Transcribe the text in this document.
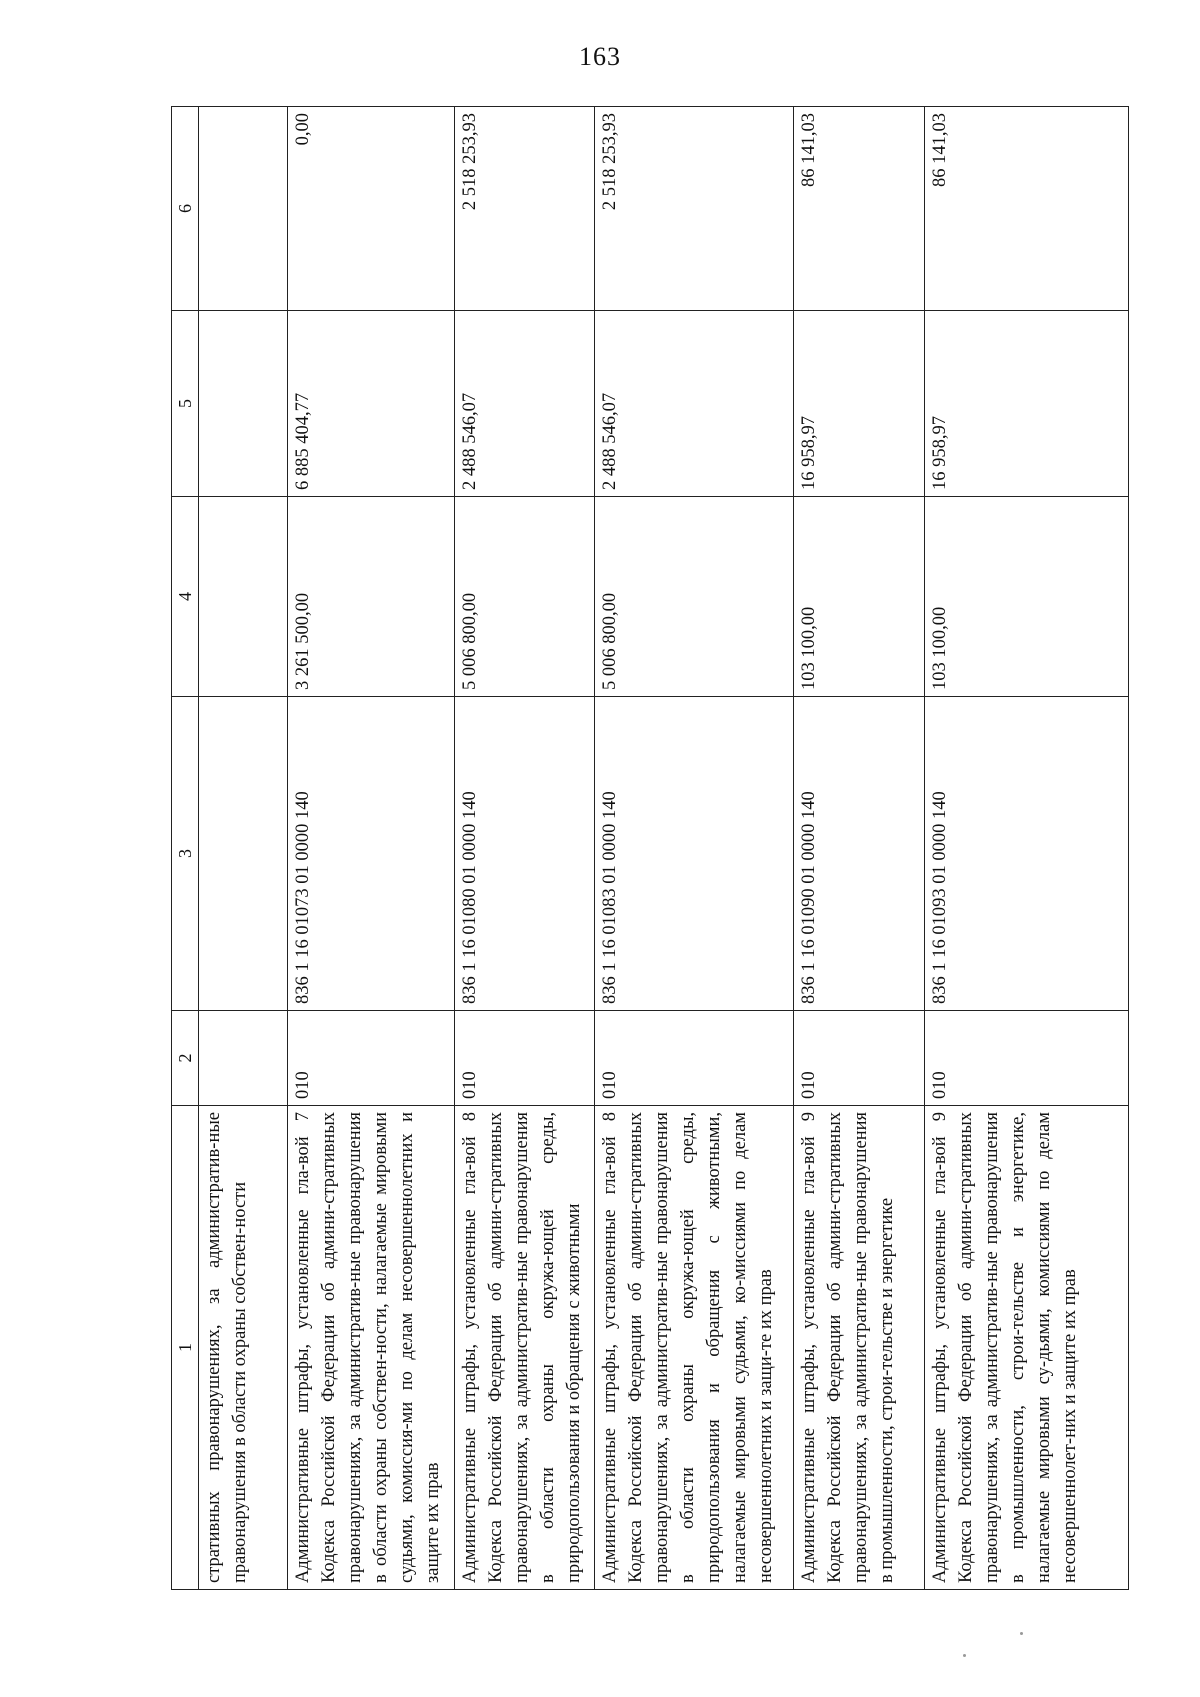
163
1	2	3	4	5	6
стративных правонарушениях, за административ-ные правонарушения в области охраны собствен-ности					
Административные штрафы, установленные гла-вой 7 Кодекса Российской Федерации об админи-стративных правонарушениях, за административ-ные правонарушения в области охраны собствен-ности, налагаемые мировыми судьями, комиссия-ми по делам несовершеннолетних и защите их прав	010	836 1 16 01073 01 0000 140	3 261 500,00	6 885 404,77	0,00
Административные штрафы, установленные гла-вой 8 Кодекса Российской Федерации об админи-стративных правонарушениях, за административ-ные правонарушения в области охраны окружа-ющей среды, природопользования и обращения с животными	010	836 1 16 01080 01 0000 140	5 006 800,00	2 488 546,07	2 518 253,93
Административные штрафы, установленные гла-вой 8 Кодекса Российской Федерации об админи-стративных правонарушениях, за административ-ные правонарушения в области охраны окружа-ющей среды, природопользования и обращения с животными, налагаемые мировыми судьями, ко-миссиями по делам несовершеннолетних и защи-те их прав	010	836 1 16 01083 01 0000 140	5 006 800,00	2 488 546,07	2 518 253,93
Административные штрафы, установленные гла-вой 9 Кодекса Российской Федерации об админи-стративных правонарушениях, за административ-ные правонарушения в промышленности, строи-тельстве и энергетике	010	836 1 16 01090 01 0000 140	103 100,00	16 958,97	86 141,03
Административные штрафы, установленные гла-вой 9 Кодекса Российской Федерации об админи-стративных правонарушениях, за административ-ные правонарушения в промышленности, строи-тельстве и энергетике, налагаемые мировыми су-дьями, комиссиями по делам несовершеннолет-них и защите их прав	010	836 1 16 01093 01 0000 140	103 100,00	16 958,97	86 141,03
